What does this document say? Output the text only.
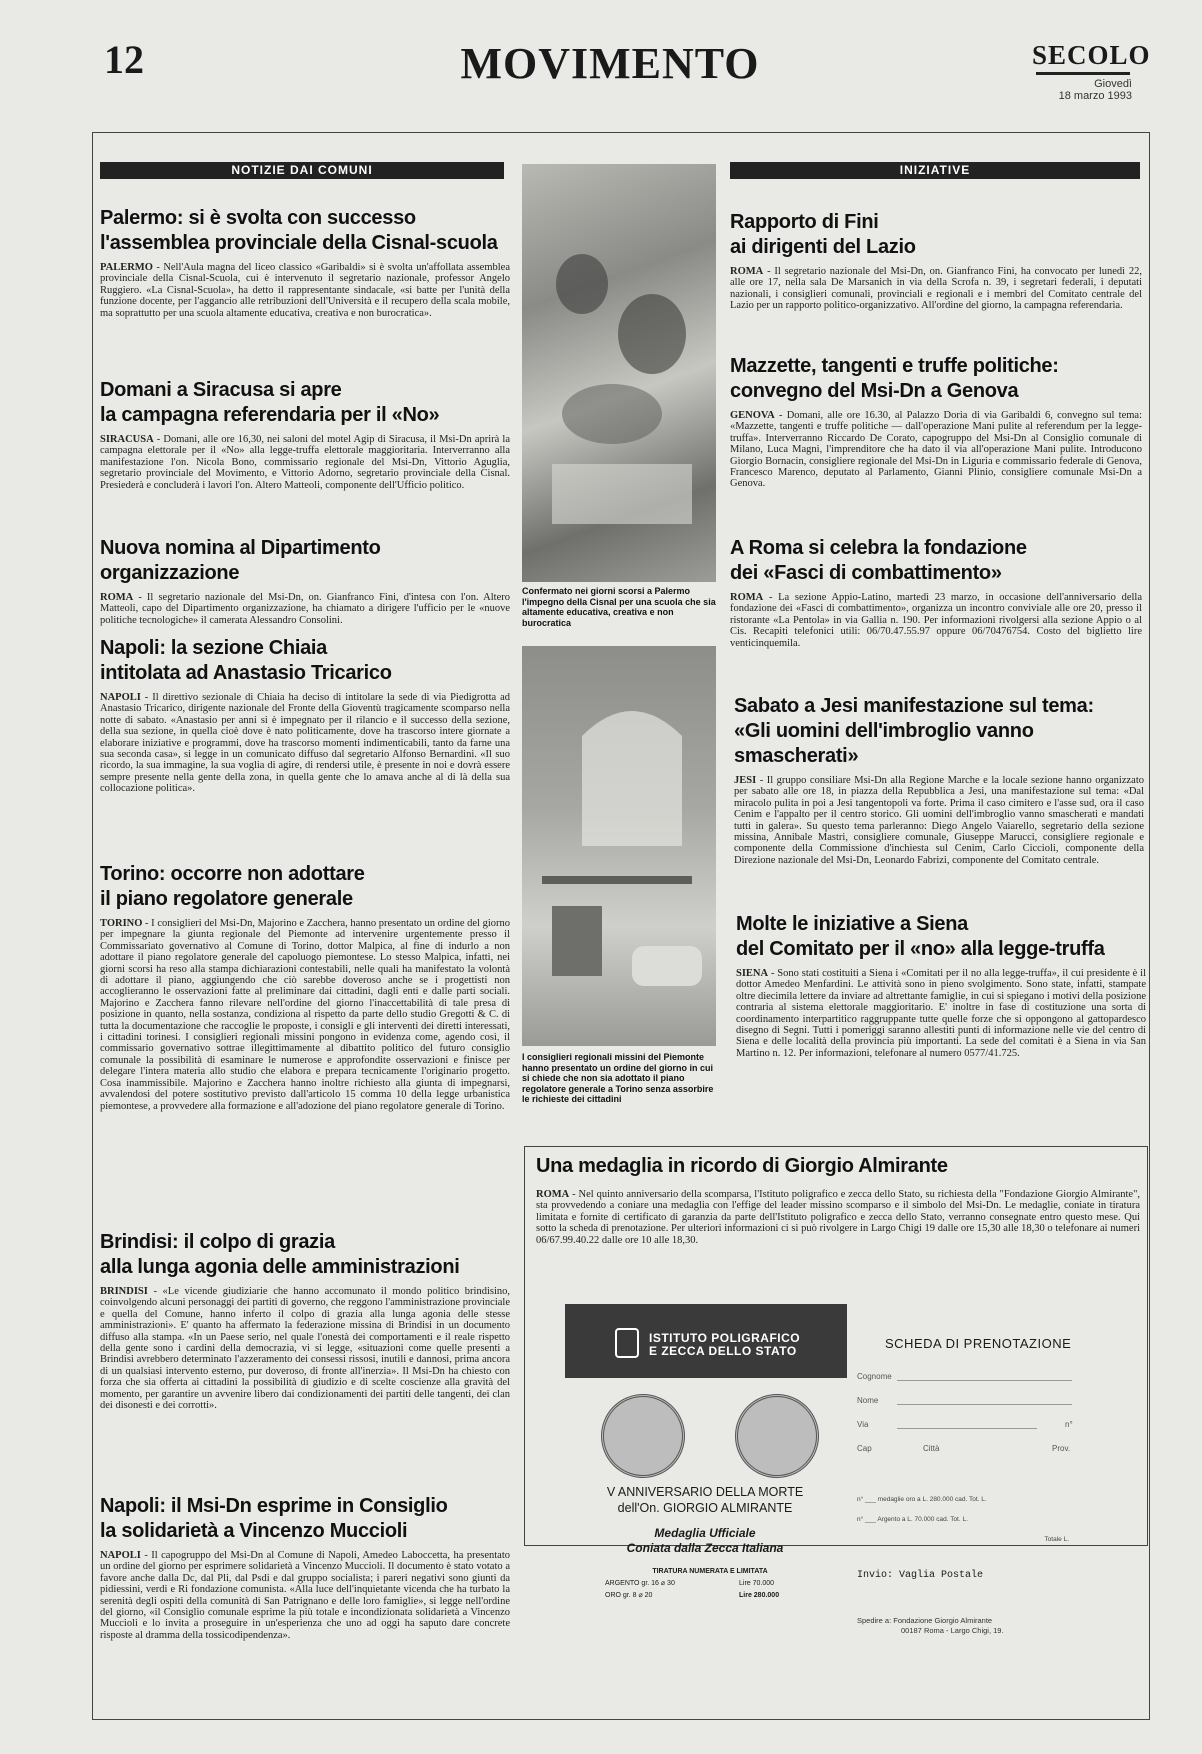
12	MOVIMENTO	SECOLO
Giovedì
18 marzo 1993
NOTIZIE DAI COMUNI
Palermo: si è svolta con successo
l'assemblea provinciale della Cisnal-scuola

PALERMO - Nell'Aula magna del liceo classico «Garibaldi» si è svolta un'affollata assemblea provinciale della Cisnal-Scuola, cui è intervenuto il segretario nazionale, professor Angelo Ruggiero. «La Cisnal-Scuola», ha detto il rappresentante sindacale, «si batte per l'unità della funzione docente, per l'aggancio alle retribuzioni dell'Università e il recupero della scala mobile, ma soprattutto per una scuola altamente educativa, creativa e non burocratica».

Domani a Siracusa si apre
la campagna referendaria per il «No»

SIRACUSA - Domani, alle ore 16,30, nei saloni del motel Agip di Siracusa, il Msi-Dn aprirà la campagna elettorale per il «No» alla legge-truffa elettorale maggioritaria. Interverranno alla manifestazione l'on. Nicola Bono, commissario regionale del Msi-Dn, Vittorio Aguglia, segretario provinciale del Movimento, e Vittorio Adorno, segretario provinciale della Cisnal. Presiederà e concluderà i lavori l'on. Altero Matteoli, componente dell'Ufficio politico.

Nuova nomina al Dipartimento organizzazione

ROMA - Il segretario nazionale del Msi-Dn, on. Gianfranco Fini, d'intesa con l'on. Altero Matteoli, capo del Dipartimento organizzazione, ha chiamato a dirigere l'ufficio per le «nuove politiche tecnologiche» il camerata Alessandro Consolini.

Napoli: la sezione Chiaia
intitolata ad Anastasio Tricarico

NAPOLI - Il direttivo sezionale di Chiaia ha deciso di intitolare la sede di via Piedigrotta ad Anastasio Tricarico, dirigente nazionale del Fronte della Gioventù tragicamente scomparso nella notte di sabato. «Anastasio per anni si è impegnato per il rilancio e il successo della sezione, della sua sezione, in quella cioè dove è nato politicamente, dove ha trascorso intere giornate a elaborare iniziative e programmi, dove ha trascorso momenti indimenticabili, tanto da farne una sua seconda casa», si legge in un comunicato diffuso dal segretario Alfonso Bernardini. «Il suo ricordo, la sua immagine, la sua voglia di agire, di rendersi utile, è presente in noi e dovrà essere sempre presente nella gente della zona, in quella gente che lo amava anche al di là della sua collocazione politica».

Torino: occorre non adottare
il piano regolatore generale

TORINO - I consiglieri del Msi-Dn, Majorino e Zacchera, hanno presentato un ordine del giorno per impegnare la giunta regionale del Piemonte ad intervenire urgentemente presso il Commissariato governativo al Comune di Torino, dottor Malpica, al fine di indurlo a non adottare il piano regolatore generale del capoluogo piemontese. Lo stesso Malpica, infatti, nei giorni scorsi ha reso alla stampa dichiarazioni contestabili, nelle quali ha manifestato la volontà di adottare il piano, aggiungendo che ciò sarebbe doveroso anche se i progettisti non accoglieranno le osservazioni fatte al preliminare dai cittadini, dagli enti e dalle parti sociali. Majorino e Zacchera fanno rilevare nell'ordine del giorno l'inaccettabilità di tale presa di posizione in quanto, nella sostanza, condiziona al rispetto da parte dello studio Gregotti & C. di tutta la documentazione che raccoglie le proposte, i consigli e gli interventi dei diretti interessati, i cittadini torinesi. I consiglieri regionali missini pongono in evidenza come, agendo così, il commissario governativo sottrae illegittimamente al dibattito politico del futuro consiglio comunale la possibilità di esaminare le numerose e approfondite osservazioni e finisce per delegare l'intera materia allo studio che elabora e prepara tecnicamente l'originario progetto. Cosa inammissibile. Majorino e Zacchera hanno inoltre richiesto alla giunta di impegnarsi, avvalendosi del potere sostitutivo previsto dall'articolo 15 comma 10 della legge urbanistica piemontese, a provvedere alla formazione e all'adozione del piano regolatore generale di Torino.

Brindisi: il colpo di grazia
alla lunga agonia delle amministrazioni

BRINDISI - «Le vicende giudiziarie che hanno accomunato il mondo politico brindisino, coinvolgendo alcuni personaggi dei partiti di governo, che reggono l'amministrazione provinciale e quella del Comune, hanno inferto il colpo di grazia alla lunga agonia delle stesse amministrazioni». E' quanto ha affermato la federazione missina di Brindisi in un documento diffuso alla stampa. «In un Paese serio, nel quale l'onestà dei comportamenti e il reale rispetto della gente sono i cardini della democrazia, vi si legge, «situazioni come quelle presenti a Brindisi avrebbero determinato l'azzeramento dei consessi rissosi, inutili e dannosi, prima ancora di un qualsiasi intervento esterno, pur doveroso, di fronte all'inerzia». Il Msi-Dn ha chiesto con forza che sia offerta ai cittadini la possibilità di giudizio e di scelte coscienze alla gravità del momento, per garantire un avvenire libero dai condizionamenti dei partiti delle tangenti, dei clan dei disonesti e dei corrotti».

Napoli: il Msi-Dn esprime in Consiglio
la solidarietà a Vincenzo Muccioli

NAPOLI - Il capogruppo del Msi-Dn al Comune di Napoli, Amedeo Laboccetta, ha presentato un ordine del giorno per esprimere solidarietà a Vincenzo Muccioli. Il documento è stato votato a favore anche dalla Dc, dal Pli, dal Psdi e dal gruppo socialista; i pareri negativi sono giunti da pidiessini, verdi e Ri fondazione comunista. «Alla luce dell'inquietante vicenda che ha turbato la serenità degli ospiti della comunità di San Patrignano e delle loro famiglie», si legge nell'ordine del giorno, «il Consiglio comunale esprime la più totale e incondizionata solidarietà a Vincenzo Muccioli e lo invita a proseguire in un'esperienza che uno ad oggi ha saputo dare concrete risposte al dramma della tossicodipendenza».

Confermato nei giorni scorsi a Palermo l'impegno della Cisnal per una scuola che sia altamente educativa, creativa e non burocratica
I consiglieri regionali missini del Piemonte hanno presentato un ordine del giorno in cui si chiede che non sia adottato il piano regolatore generale a Torino senza assorbire le richieste dei cittadini
INIZIATIVE
Rapporto di Fini
ai dirigenti del Lazio

ROMA - Il segretario nazionale del Msi-Dn, on. Gianfranco Fini, ha convocato per lunedì 22, alle ore 17, nella sala De Marsanich in via della Scrofa n. 39, i segretari federali, i deputati nazionali, i consiglieri comunali, provinciali e regionali e i membri del Comitato centrale del Lazio per un rapporto politico-organizzativo. All'ordine del giorno, la campagna referendaria.

Mazzette, tangenti e truffe politiche:
convegno del Msi-Dn a Genova

GENOVA - Domani, alle ore 16.30, al Palazzo Doria di via Garibaldi 6, convegno sul tema: «Mazzette, tangenti e truffe politiche — dall'operazione Mani pulite al referendum per la legge-truffa». Interverranno Riccardo De Corato, capogruppo del Msi-Dn al Consiglio comunale di Milano, Luca Magni, l'imprenditore che ha dato il via all'operazione Mani pulite. Introducono Giorgio Bornacin, consigliere regionale del Msi-Dn in Liguria e commissario federale di Genova, Francesco Marenco, deputato al Parlamento, Gianni Plinio, consigliere comunale Msi-Dn a Genova.

A Roma si celebra la fondazione
dei «Fasci di combattimento»

ROMA - La sezione Appio-Latino, martedì 23 marzo, in occasione dell'anniversario della fondazione dei «Fasci di combattimento», organizza un incontro conviviale alle ore 20, presso il ristorante «La Pentola» in via Gallia n. 190. Per informazioni rivolgersi alla sezione Appio o al Cis. Recapiti telefonici utili: 06/70.47.55.97 oppure 06/70476754. Costo del biglietto lire venticinquemila.

Sabato a Jesi manifestazione sul tema:
«Gli uomini dell'imbroglio vanno smascherati»

JESI - Il gruppo consiliare Msi-Dn alla Regione Marche e la locale sezione hanno organizzato per sabato alle ore 18, in piazza della Repubblica a Jesi, una manifestazione sul tema: «Dal miracolo pulita in poi a Jesi tangentopoli va forte. Prima il caso cimitero e l'asse sud, ora il caso Cenim e l'appalto per il centro storico. Gli uomini dell'imbroglio vanno smascherati e mandati tutti in galera». Su questo tema parleranno: Diego Angelo Vaiarello, segretario della sezione missina, Annibale Mastri, consigliere comunale, Giuseppe Marucci, consigliere regionale e componente della Commissione d'inchiesta sul Cenim, Carlo Ciccioli, componente della Direzione nazionale del Msi-Dn, Leonardo Fabrizi, componente del Comitato centrale.

Molte le iniziative a Siena
del Comitato per il «no» alla legge-truffa

SIENA - Sono stati costituiti a Siena i «Comitati per il no alla legge-truffa», il cui presidente è il dottor Amedeo Menfardini. Le attività sono in pieno svolgimento. Sono state, infatti, stampate oltre diecimila lettere da inviare ad altrettante famiglie, in cui si spiegano i motivi della posizione contraria al sistema elettorale maggioritario. E' inoltre in fase di costituzione una sorta di coordinamento interpartitico raggruppante tutte quelle forze che si oppongono al gattopardesco disegno di Segni. Tutti i pomeriggi saranno allestiti punti di informazione nelle vie del centro di Siena e delle località della provincia più importanti. La sede del comitati è a Siena in via San Martino n. 12. Per informazioni, telefonare al numero 0577/41.725.

Una medaglia in ricordo di Giorgio Almirante

ROMA - Nel quinto anniversario della scomparsa, l'Istituto poligrafico e zecca dello Stato, su richiesta della "Fondazione Giorgio Almirante", sta provvedendo a coniare una medaglia con l'effige del leader missino scomparso e il simbolo del Msi-Dn. Le medaglie, coniate in tiratura limitata e fornite di certificato di garanzia da parte dell'Istituto poligrafico e zecca dello Stato, verranno consegnate entro questo mese. Qui sotto la scheda di prenotazione. Per ulteriori informazioni ci si può rivolgere in Largo Chigi 19 dalle ore 15,30 alle 18,30 o telefonare ai numeri 06/67.99.40.22 dalle ore 10 alle 18,30.

ISTITUTO POLIGRAFICO
E ZECCA DELLO STATO	SCHEDA DI PRENOTAZIONE
Cognome
Nome
Via	n°
Cap	Città	Prov.
V ANNIVERSARIO DELLA MORTE
dell'On. GIORGIO ALMIRANTE
Medaglia Ufficiale
Coniata dalla Zecca Italiana
TIRATURA NUMERATA E LIMITATA
ARGENTO gr. 16 ⌀ 30	Lire 70.000
ORO gr. 8 ⌀ 20	Lire 280.000
n° ___ medaglie oro a L. 280.000 cad. Tot. L.
n° ___ Argento a L. 70.000 cad. Tot. L.
Totale L.
Invio: Vaglia Postale
Spedire a: Fondazione Giorgio Almirante
00187 Roma - Largo Chigi, 19.
